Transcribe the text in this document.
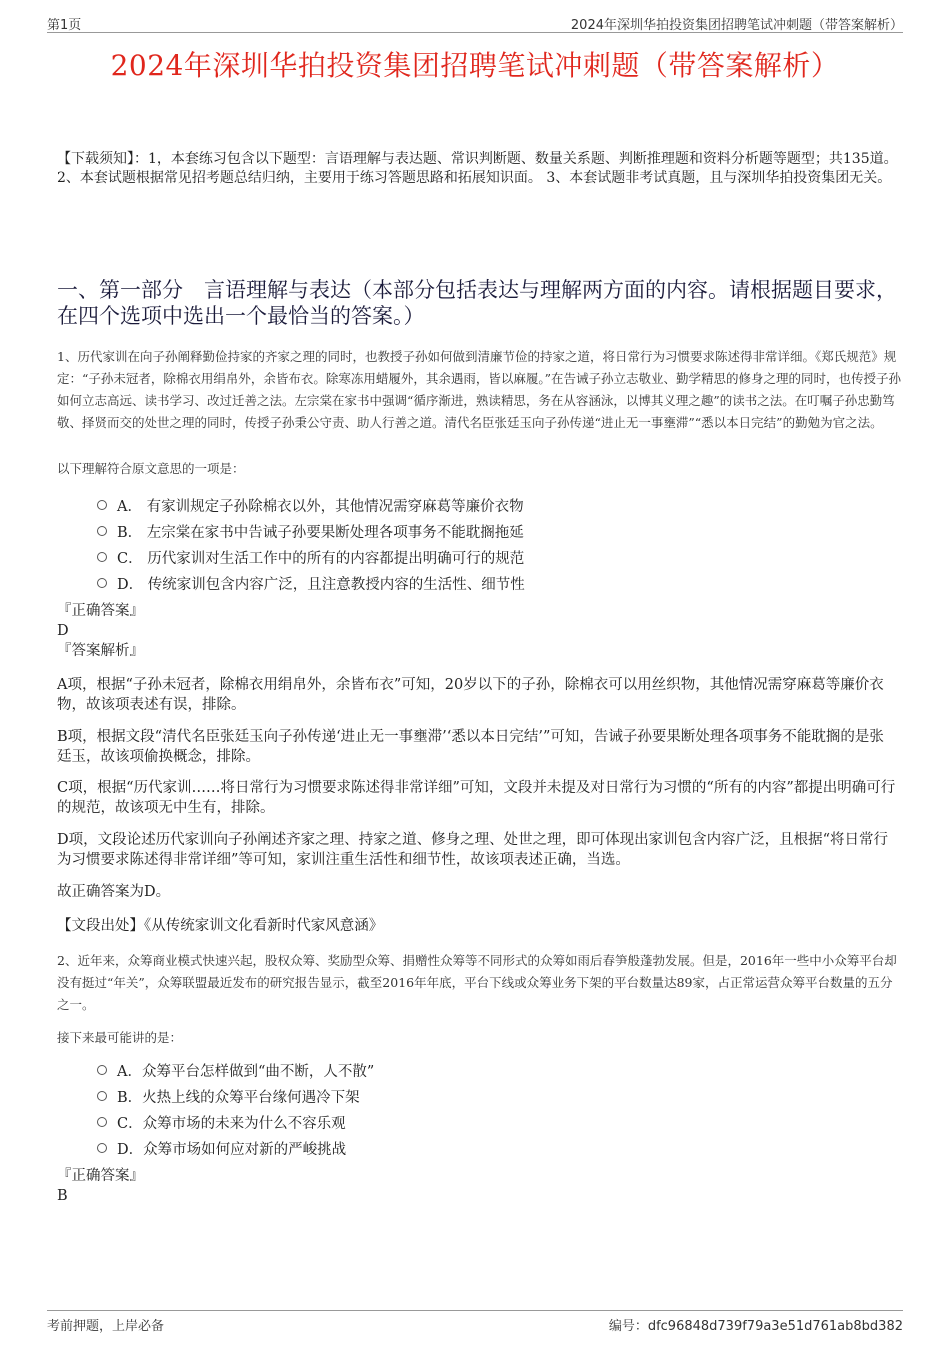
第1页	2024年深圳华拍投资集团招聘笔试冲刺题（带答案解析）
2024年深圳华拍投资集团招聘笔试冲刺题（带答案解析）
【下载须知】：1，本套练习包含以下题型：言语理解与表达题、常识判断题、数量关系题、判断推理题和资料分析题等题型；共135道。 2、本套试题根据常见招考题总结归纳，主要用于练习答题思路和拓展知识面。 3、本套试题非考试真题，且与深圳华拍投资集团无关。
一、第一部分　言语理解与表达（本部分包括表达与理解两方面的内容。请根据题目要求，在四个选项中选出一个最恰当的答案。）
1、历代家训在向子孙阐释勤俭持家的齐家之理的同时，也教授子孙如何做到清廉节俭的持家之道，将日常行为习惯要求陈述得非常详细。《郑氏规范》规定：“子孙未冠者，除棉衣用绢帛外，余皆布衣。除寒冻用蜡履外，其余遇雨，皆以麻履。”在告诫子孙立志敬业、勤学精思的修身之理的同时，也传授子孙如何立志高远、读书学习、改过迁善之法。左宗棠在家书中强调“循序渐进，熟读精思，务在从容涵泳，以博其义理之趣”的读书之法。在叮嘱子孙忠勤笃敬、择贤而交的处世之理的同时，传授子孙秉公守责、助人行善之道。清代名臣张廷玉向子孙传递“进止无一事壅滞”“悉以本日完结”的勤勉为官之法。
以下理解符合原文意思的一项是：
A． 有家训规定子孙除棉衣以外，其他情况需穿麻葛等廉价衣物
B． 左宗棠在家书中告诫子孙要果断处理各项事务不能耽搁拖延
C． 历代家训对生活工作中的所有的内容都提出明确可行的规范
D． 传统家训包含内容广泛，且注意教授内容的生活性、细节性
『正确答案』
D
『答案解析』
A项，根据“子孙未冠者，除棉衣用绢帛外，余皆布衣”可知，20岁以下的子孙，除棉衣可以用丝织物，其他情况需穿麻葛等廉价衣物，故该项表述有误，排除。
B项，根据文段“清代名臣张廷玉向子孙传递‘进止无一事壅滞’‘悉以本日完结’”可知，告诫子孙要果断处理各项事务不能耽搁的是张廷玉，故该项偷换概念，排除。
C项，根据“历代家训……将日常行为习惯要求陈述得非常详细”可知，文段并未提及对日常行为习惯的“所有的内容”都提出明确可行的规范，故该项无中生有，排除。
D项，文段论述历代家训向子孙阐述齐家之理、持家之道、修身之理、处世之理，即可体现出家训包含内容广泛，且根据“将日常行为习惯要求陈述得非常详细”等可知，家训注重生活性和细节性，故该项表述正确，当选。
故正确答案为D。
【文段出处】《从传统家训文化看新时代家风意涵》
2、近年来，众筹商业模式快速兴起，股权众筹、奖励型众筹、捐赠性众筹等不同形式的众筹如雨后春笋般蓬勃发展。但是，2016年一些中小众筹平台却没有挺过“年关”，众筹联盟最近发布的研究报告显示，截至2016年年底，平台下线或众筹业务下架的平台数量达89家，占正常运营众筹平台数量的五分之一。
接下来最可能讲的是：
A．众筹平台怎样做到“曲不断，人不散”
B．火热上线的众筹平台缘何遇冷下架
C．众筹市场的未来为什么不容乐观
D．众筹市场如何应对新的严峻挑战
『正确答案』
B
考前押题，上岸必备	编号：dfc96848d739f79a3e51d761ab8bd382
